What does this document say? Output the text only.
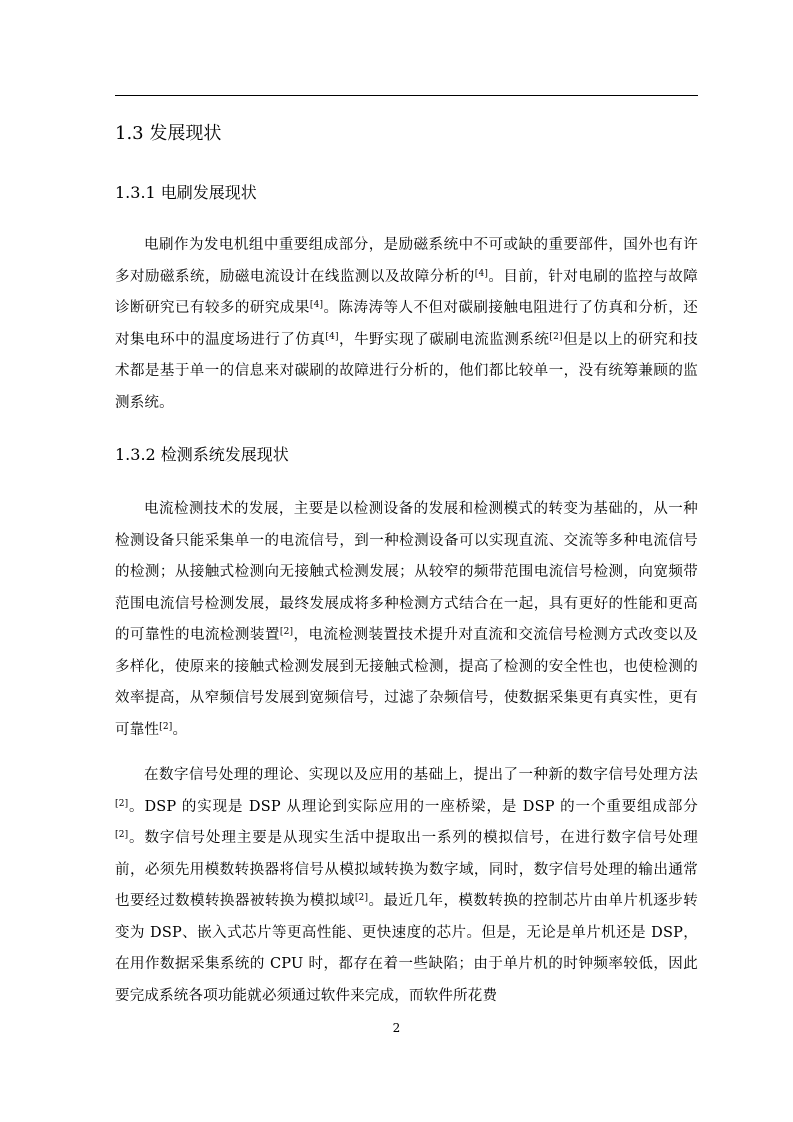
1.3 发展现状
1.3.1 电刷发展现状

电刷作为发电机组中重要组成部分，是励磁系统中不可或缺的重要部件，国外也有许多对励磁系统，励磁电流设计在线监测以及故障分析的[4]。目前，针对电刷的监控与故障诊断研究已有较多的研究成果[4]。陈涛涛等人不但对碳刷接触电阻进行了仿真和分析，还对集电环中的温度场进行了仿真[4]，牛野实现了碳刷电流监测系统[2]但是以上的研究和技术都是基于单一的信息来对碳刷的故障进行分析的，他们都比较单一，没有统筹兼顾的监测系统。

1.3.2 检测系统发展现状

电流检测技术的发展，主要是以检测设备的发展和检测模式的转变为基础的，从一种检测设备只能采集单一的电流信号，到一种检测设备可以实现直流、交流等多种电流信号的检测；从接触式检测向无接触式检测发展；从较窄的频带范围电流信号检测，向宽频带范围电流信号检测发展，最终发展成将多种检测方式结合在一起，具有更好的性能和更高的可靠性的电流检测装置[2]，电流检测装置技术提升对直流和交流信号检测方式改变以及多样化，使原来的接触式检测发展到无接触式检测，提高了检测的安全性也，也使检测的效率提高，从窄频信号发展到宽频信号，过滤了杂频信号，使数据采集更有真实性，更有可靠性[2]。

在数字信号处理的理论、实现以及应用的基础上，提出了一种新的数字信号处理方法[2]。DSP 的实现是 DSP 从理论到实际应用的一座桥梁，是 DSP 的一个重要组成部分[2]。数字信号处理主要是从现实生活中提取出一系列的模拟信号，在进行数字信号处理前，必须先用模数转换器将信号从模拟域转换为数字域，同时，数字信号处理的输出通常也要经过数模转换器被转换为模拟域[2]。最近几年，模数转换的控制芯片由单片机逐步转变为 DSP、嵌入式芯片等更高性能、更快速度的芯片。但是，无论是单片机还是 DSP，在用作数据采集系统的 CPU 时，都存在着一些缺陷；由于单片机的时钟频率较低，因此要完成系统各项功能就必须通过软件来完成，而软件所花费

2
